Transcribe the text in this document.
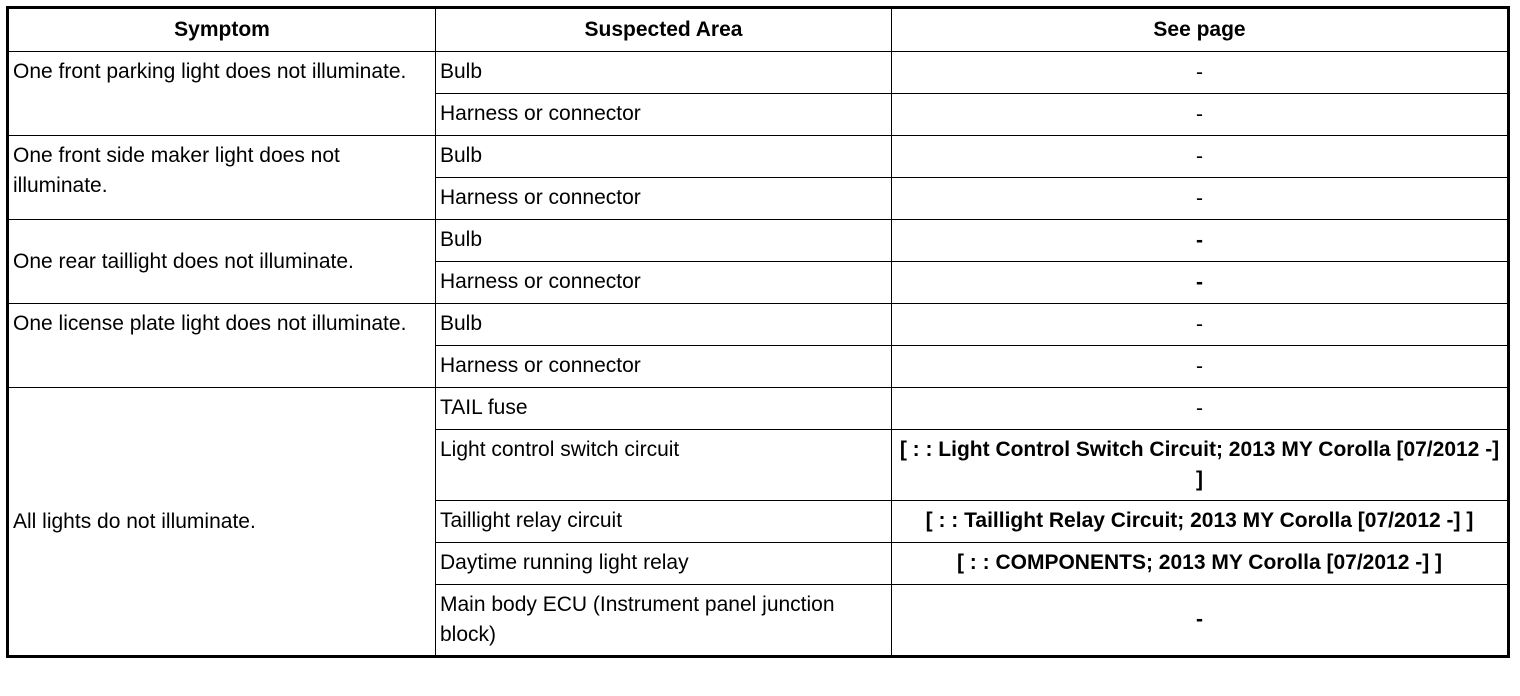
Symptom	Suspected Area	See page
One front parking light does not illuminate.	Bulb	-
	Harness or connector	-
One front side maker light does not illuminate.	Bulb	-
	Harness or connector	-
One rear taillight does not illuminate.	Bulb	-
	Harness or connector	-
One license plate light does not illuminate.	Bulb	-
	Harness or connector	-
All lights do not illuminate.	TAIL fuse	-
	Light control switch circuit	[ : : Light Control Switch Circuit; 2013 MY Corolla [07/2012 -] ]
	Taillight relay circuit	[ : : Taillight Relay Circuit; 2013 MY Corolla [07/2012 -] ]
	Daytime running light relay	[ : : COMPONENTS; 2013 MY Corolla [07/2012 -] ]
	Main body ECU (Instrument panel junction block)	-
